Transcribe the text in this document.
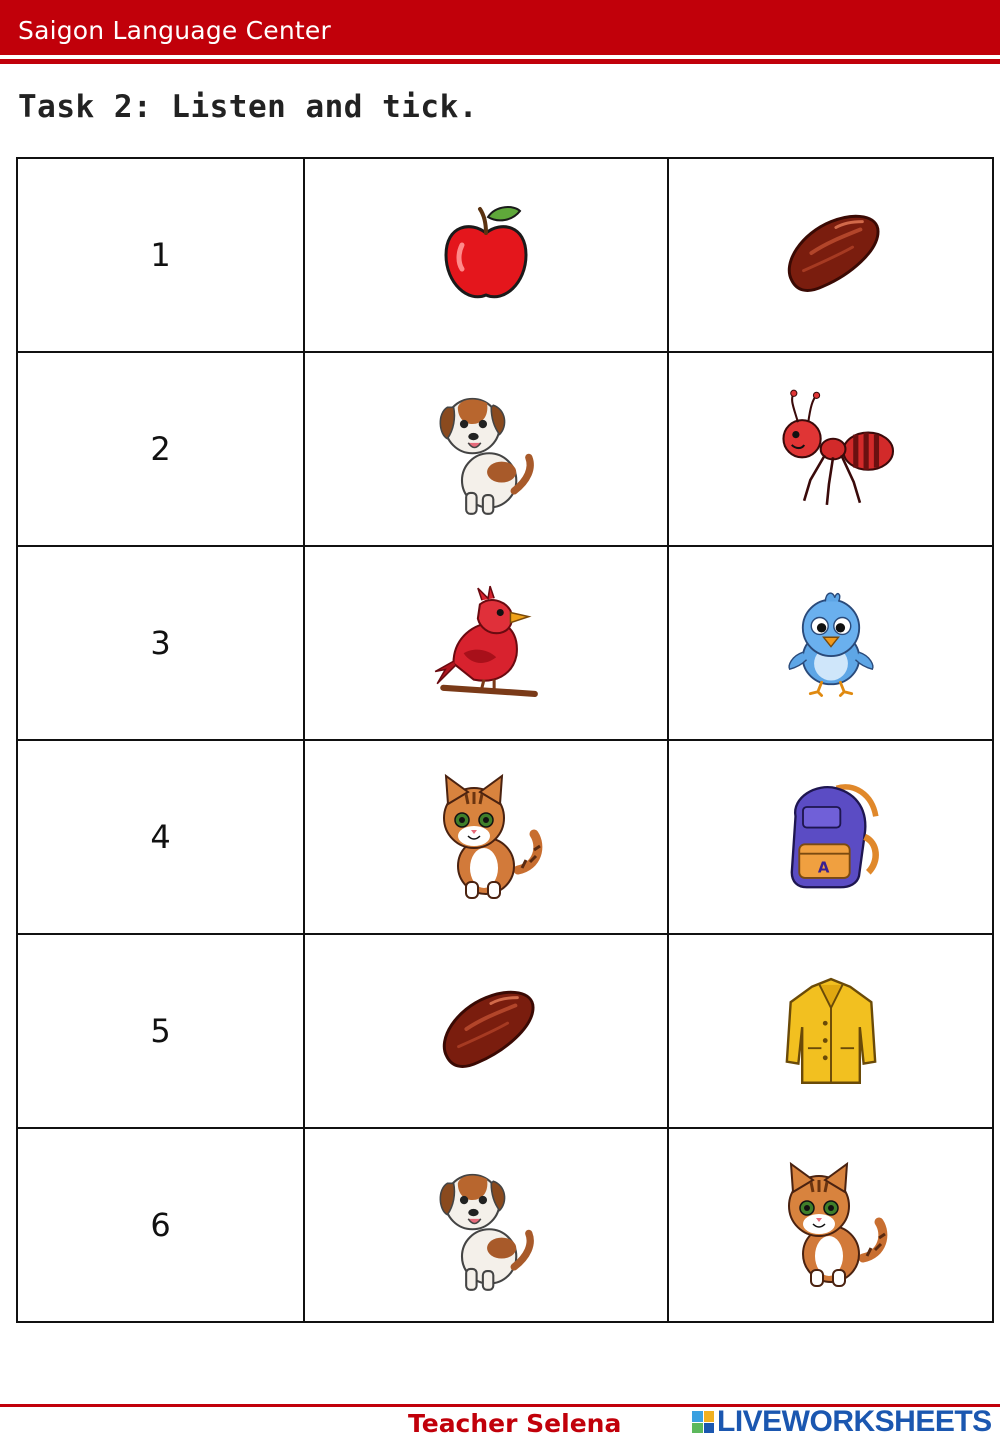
Saigon Language Center
Task 2: Listen and tick.
1		
2		
3		
4		
5		
6		
Teacher Selena	LIVEWORKSHEETS
